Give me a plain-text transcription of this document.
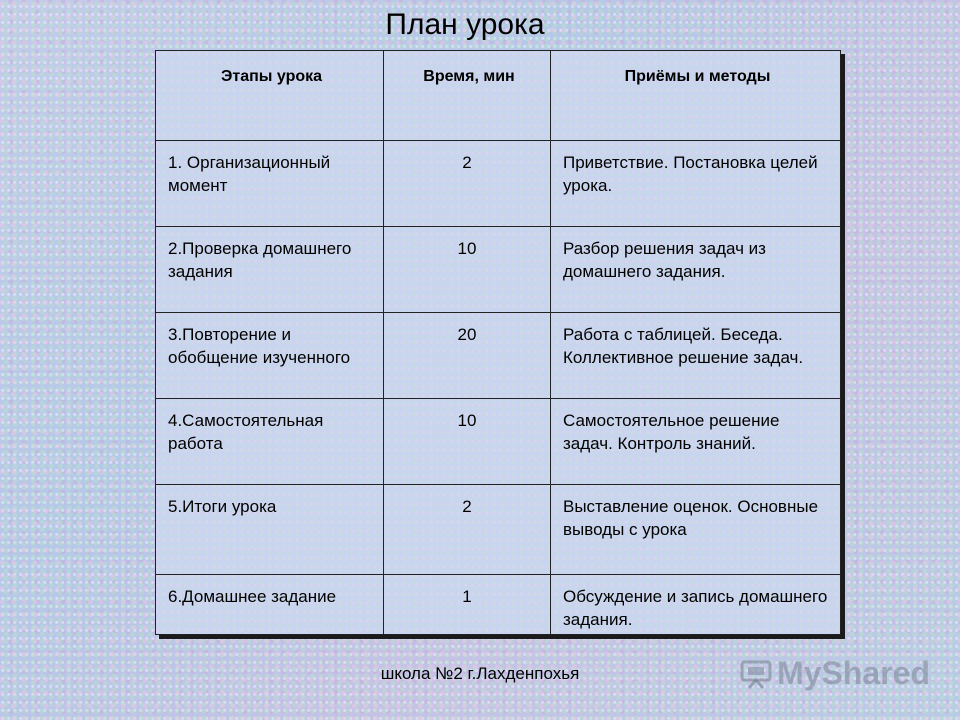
План урока
Этапы урока	Время, мин	Приёмы и методы
1. Организационный момент	2	Приветствие. Постановка целей урока.
2.Проверка домашнего задания	10	Разбор решения задач из домашнего задания.
3.Повторение и обобщение изученного	20	Работа с таблицей. Беседа. Коллективное решение задач.
4.Самостоятельная работа	10	Самостоятельное решение задач. Контроль знаний.
5.Итоги урока	2	Выставление оценок. Основные выводы с урока
6.Домашнее задание	1	Обсуждение и запись домашнего задания.
школа №2 г.Лахденпохья	MyShared
